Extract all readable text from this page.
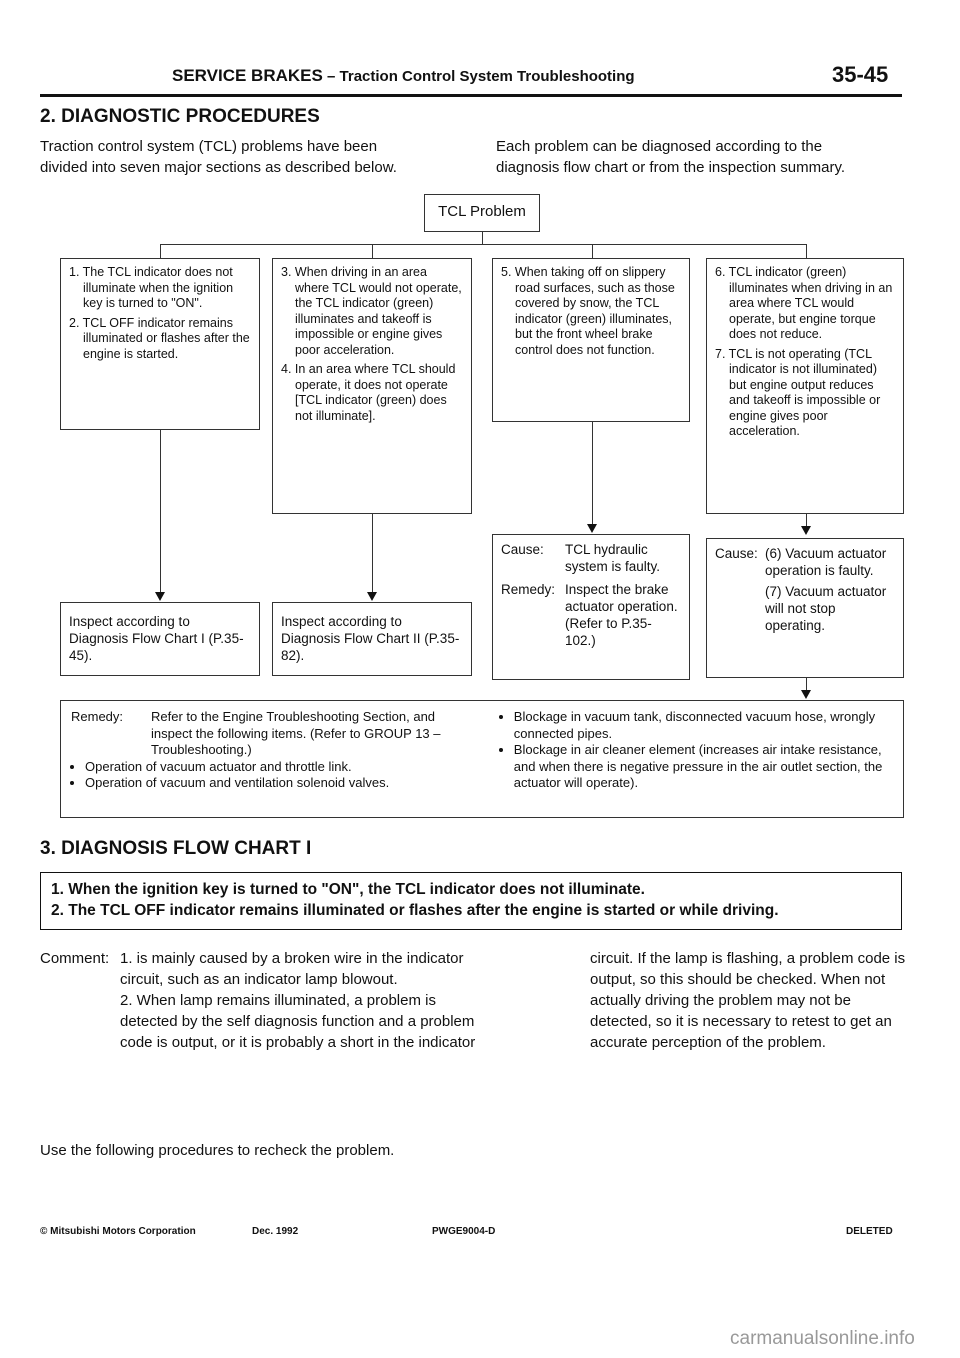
SERVICE BRAKES – Traction Control System Troubleshooting	35-45
2. DIAGNOSTIC PROCEDURES
Traction control system (TCL) problems have been
divided into seven major sections as described below.
Each problem can be diagnosed according to the
diagnosis flow chart or from the inspection summary.
TCL Problem

1. The TCL indicator does not illuminate when the ignition key is turned to "ON".

2. TCL OFF indicator remains illuminated or flashes after the engine is started.

Inspect according to Diagnosis Flow Chart I (P.35-45).

3. When driving in an area where TCL would not operate, the TCL indicator (green) illuminates and takeoff is impossible or engine gives poor acceleration.

4. In an area where TCL should operate, it does not operate [TCL indicator (green) does not illuminate].

Inspect according to Diagnosis Flow Chart II (P.35-82).

5. When taking off on slippery road surfaces, such as those covered by snow, the TCL indicator (green) illuminates, but the front wheel brake control does not function.

Cause:	TCL hydraulic system is faulty.
Remedy: Inspect the brake actuator operation. (Refer to P.35-102.)

6. TCL indicator (green) illuminates when driving in an area where TCL would operate, but engine torque does not reduce.

7. TCL is not operating (TCL indicator is not illuminated) but engine output reduces and takeoff is impossible or engine gives poor acceleration.

Cause: (6) Vacuum actuator operation is faulty.
(7) Vacuum actuator will not stop operating.
Remedy:	Refer to the Engine Troubleshooting Section, and inspect the following items. (Refer to GROUP 13 – Troubleshooting.)
• Operation of vacuum actuator and throttle link.
• Operation of vacuum and ventilation solenoid valves.
• Blockage in vacuum tank, disconnected vacuum hose, wrongly connected pipes.
• Blockage in air cleaner element (increases air intake resistance, and when there is negative pressure in the air outlet section, the actuator will operate).
3. DIAGNOSIS FLOW CHART I
1. When the ignition key is turned to "ON", the TCL indicator does not illuminate.
2. The TCL OFF indicator remains illuminated or flashes after the engine is started or while driving.
Comment: 1. is mainly caused by a broken wire in the indicator circuit, such as an indicator lamp blowout.
2. When lamp remains illuminated, a problem is detected by the self diagnosis function and a problem code is output, or it is probably a short in the indicator
circuit. If the lamp is flashing, a problem code is output, so this should be checked. When not actually driving the problem may not be detected, so it is necessary to retest to get an accurate perception of the problem.
Use the following procedures to recheck the problem.
© Mitsubishi Motors Corporation	Dec. 1992	PWGE9004-D	DELETED
carmanualsonline.info
